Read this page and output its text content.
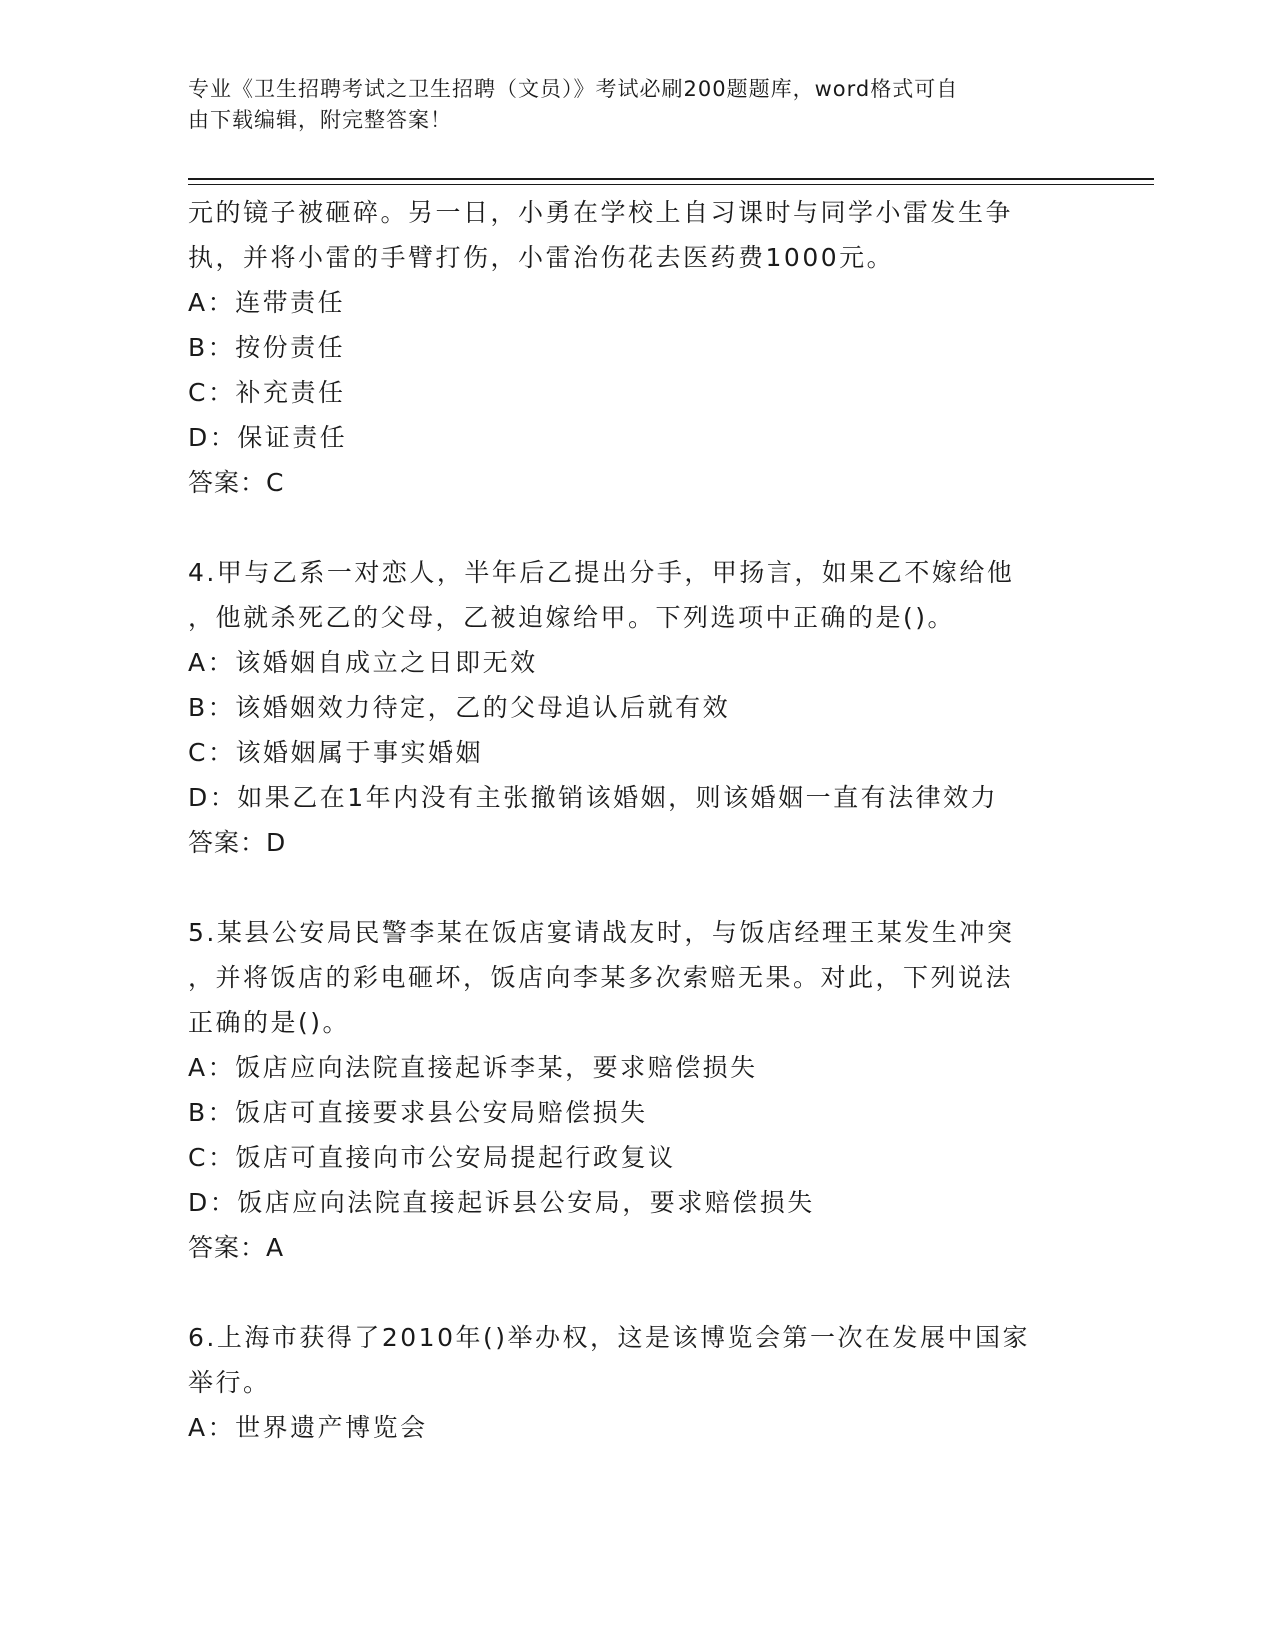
专业《卫生招聘考试之卫生招聘（文员）》考试必刷200题题库，word格式可自
由下载编辑，附完整答案！
元的镜子被砸碎。另一日，小勇在学校上自习课时与同学小雷发生争
执，并将小雷的手臂打伤，小雷治伤花去医药费1000元。
A：连带责任
B：按份责任
C：补充责任
D：保证责任
答案：C
4.甲与乙系一对恋人，半年后乙提出分手，甲扬言，如果乙不嫁给他
，他就杀死乙的父母，乙被迫嫁给甲。下列选项中正确的是()。
A：该婚姻自成立之日即无效
B：该婚姻效力待定，乙的父母追认后就有效
C：该婚姻属于事实婚姻
D：如果乙在1年内没有主张撤销该婚姻，则该婚姻一直有法律效力
答案：D
5.某县公安局民警李某在饭店宴请战友时，与饭店经理王某发生冲突
，并将饭店的彩电砸坏，饭店向李某多次索赔无果。对此，下列说法
正确的是()。
A：饭店应向法院直接起诉李某，要求赔偿损失
B：饭店可直接要求县公安局赔偿损失
C：饭店可直接向市公安局提起行政复议
D：饭店应向法院直接起诉县公安局，要求赔偿损失
答案：A
6.上海市获得了2010年()举办权，这是该博览会第一次在发展中国家
举行。
A：世界遗产博览会
